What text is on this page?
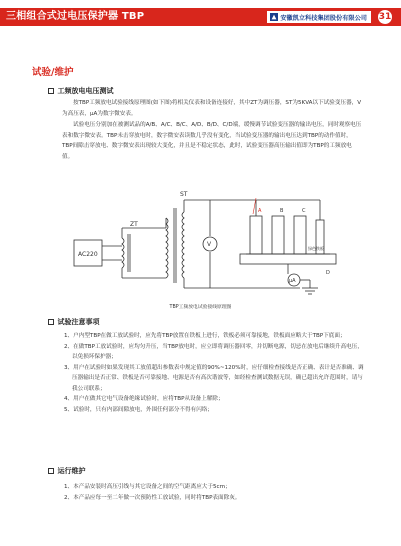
三相组合式过电压保护器 TBP	安徽凯立科技集团股份有限公司 31
试验/维护
工频放电电压测试

按TBP工频放电试验接线原理图(如下图)将相关仪表和设备连接好，其中ZT为调压器，ST为5KVA以下试验变压器，V为高压表，μA为数字微安表。

试验电压分别加在被测试品的A/B、A/C、B/C、A/D、B/D、C/D端，缓慢调节试验变压器的输出电压，同时观察电压表和数字微安表。TBP未击穿放电时，数字微安表读数几乎没有变化，当试验变压器的输出电压达到TBP的动作值时，TBP间隙击穿放电、数字微安表出现较大变化，并且是不稳定状态，此时，试验变压器高压输出值即为TBP的工频放电值。

AC220
ZT
ST
V
μA
A	B	C
D
绿色铁板
TBP工频放电试验接线原理图
试验注意事项
1、户内型TBP在做工放试验时，应先将TBP放置在铁板上进行，铁板必须可靠接地，铁板面应略大于TBP下底面；
2、在做TBP工放试验时，应均匀升压，当TBP放电时，应立即将调压器回零，并切断电源，切忌在放电后继续升高电压，以免损坏保护器；
3、用户在试验时如果发现其工放值超出参数表中规定值的90%~120%时，应仔细检查接线是否正确、表计是否准确、调压器输出是否正常、铁板是否可靠接地、电源是否有高次谐波等，如经检查测试数据无误，确已超出允许范围时，请与我公司联系；
4、用户在做其它电气设备绝缘试验时，应将TBP从设备上解除；
5、试验时，只有内部间隙放电，外围任何部分不得有闪络；
运行维护
1、本产品安装时高压引线与其它设备之间的空气距离应大于5cm；
2、本产品应每一至二年做一次预防性工放试验，同时将TBP表面除灰。
